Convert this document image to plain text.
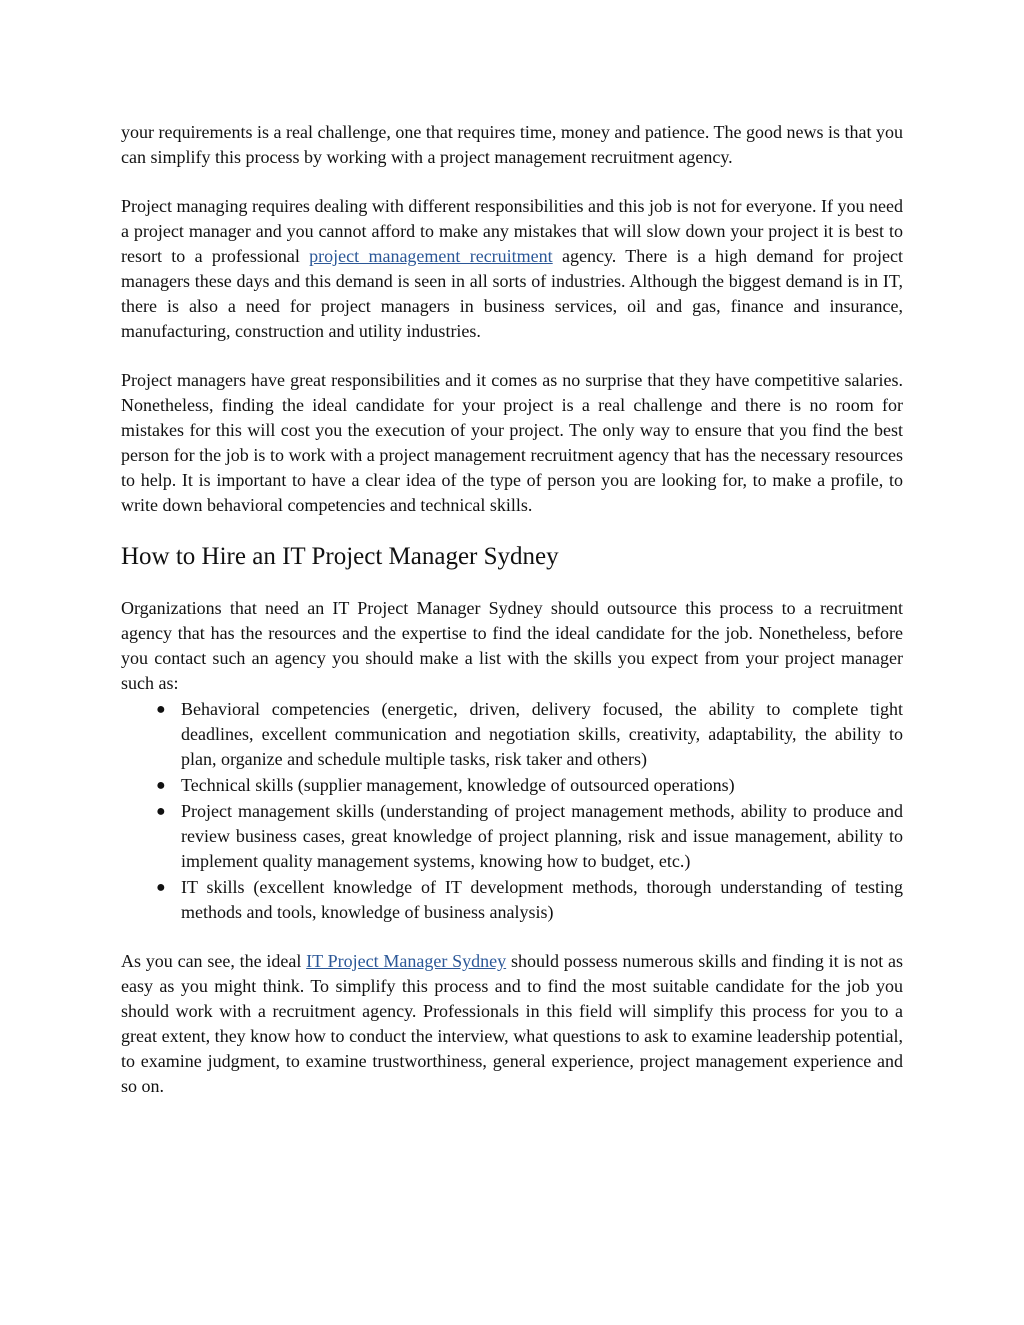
your requirements is a real challenge, one that requires time, money and patience. The good news is that you can simplify this process by working with a project management recruitment agency.

Project managing requires dealing with different responsibilities and this job is not for everyone. If you need a project manager and you cannot afford to make any mistakes that will slow down your project it is best to resort to a professional project management recruitment agency. There is a high demand for project managers these days and this demand is seen in all sorts of industries. Although the biggest demand is in IT, there is also a need for project managers in business services, oil and gas, finance and insurance, manufacturing, construction and utility industries.

Project managers have great responsibilities and it comes as no surprise that they have competitive salaries. Nonetheless, finding the ideal candidate for your project is a real challenge and there is no room for mistakes for this will cost you the execution of your project. The only way to ensure that you find the best person for the job is to work with a project management recruitment agency that has the necessary resources to help. It is important to have a clear idea of the type of person you are looking for, to make a profile, to write down behavioral competencies and technical skills.

How to Hire an IT Project Manager Sydney

Organizations that need an IT Project Manager Sydney should outsource this process to a recruitment agency that has the resources and the expertise to find the ideal candidate for the job. Nonetheless, before you contact such an agency you should make a list with the skills you expect from your project manager such as:

● Behavioral competencies (energetic, driven, delivery focused, the ability to complete tight deadlines, excellent communication and negotiation skills, creativity, adaptability, the ability to plan, organize and schedule multiple tasks, risk taker and others)
● Technical skills (supplier management, knowledge of outsourced operations)
● Project management skills (understanding of project management methods, ability to produce and review business cases, great knowledge of project planning, risk and issue management, ability to implement quality management systems, knowing how to budget, etc.)
● IT skills (excellent knowledge of IT development methods, thorough understanding of testing methods and tools, knowledge of business analysis)

As you can see, the ideal IT Project Manager Sydney should possess numerous skills and finding it is not as easy as you might think. To simplify this process and to find the most suitable candidate for the job you should work with a recruitment agency. Professionals in this field will simplify this process for you to a great extent, they know how to conduct the interview, what questions to ask to examine leadership potential, to examine judgment, to examine trustworthiness, general experience, project management experience and so on.
